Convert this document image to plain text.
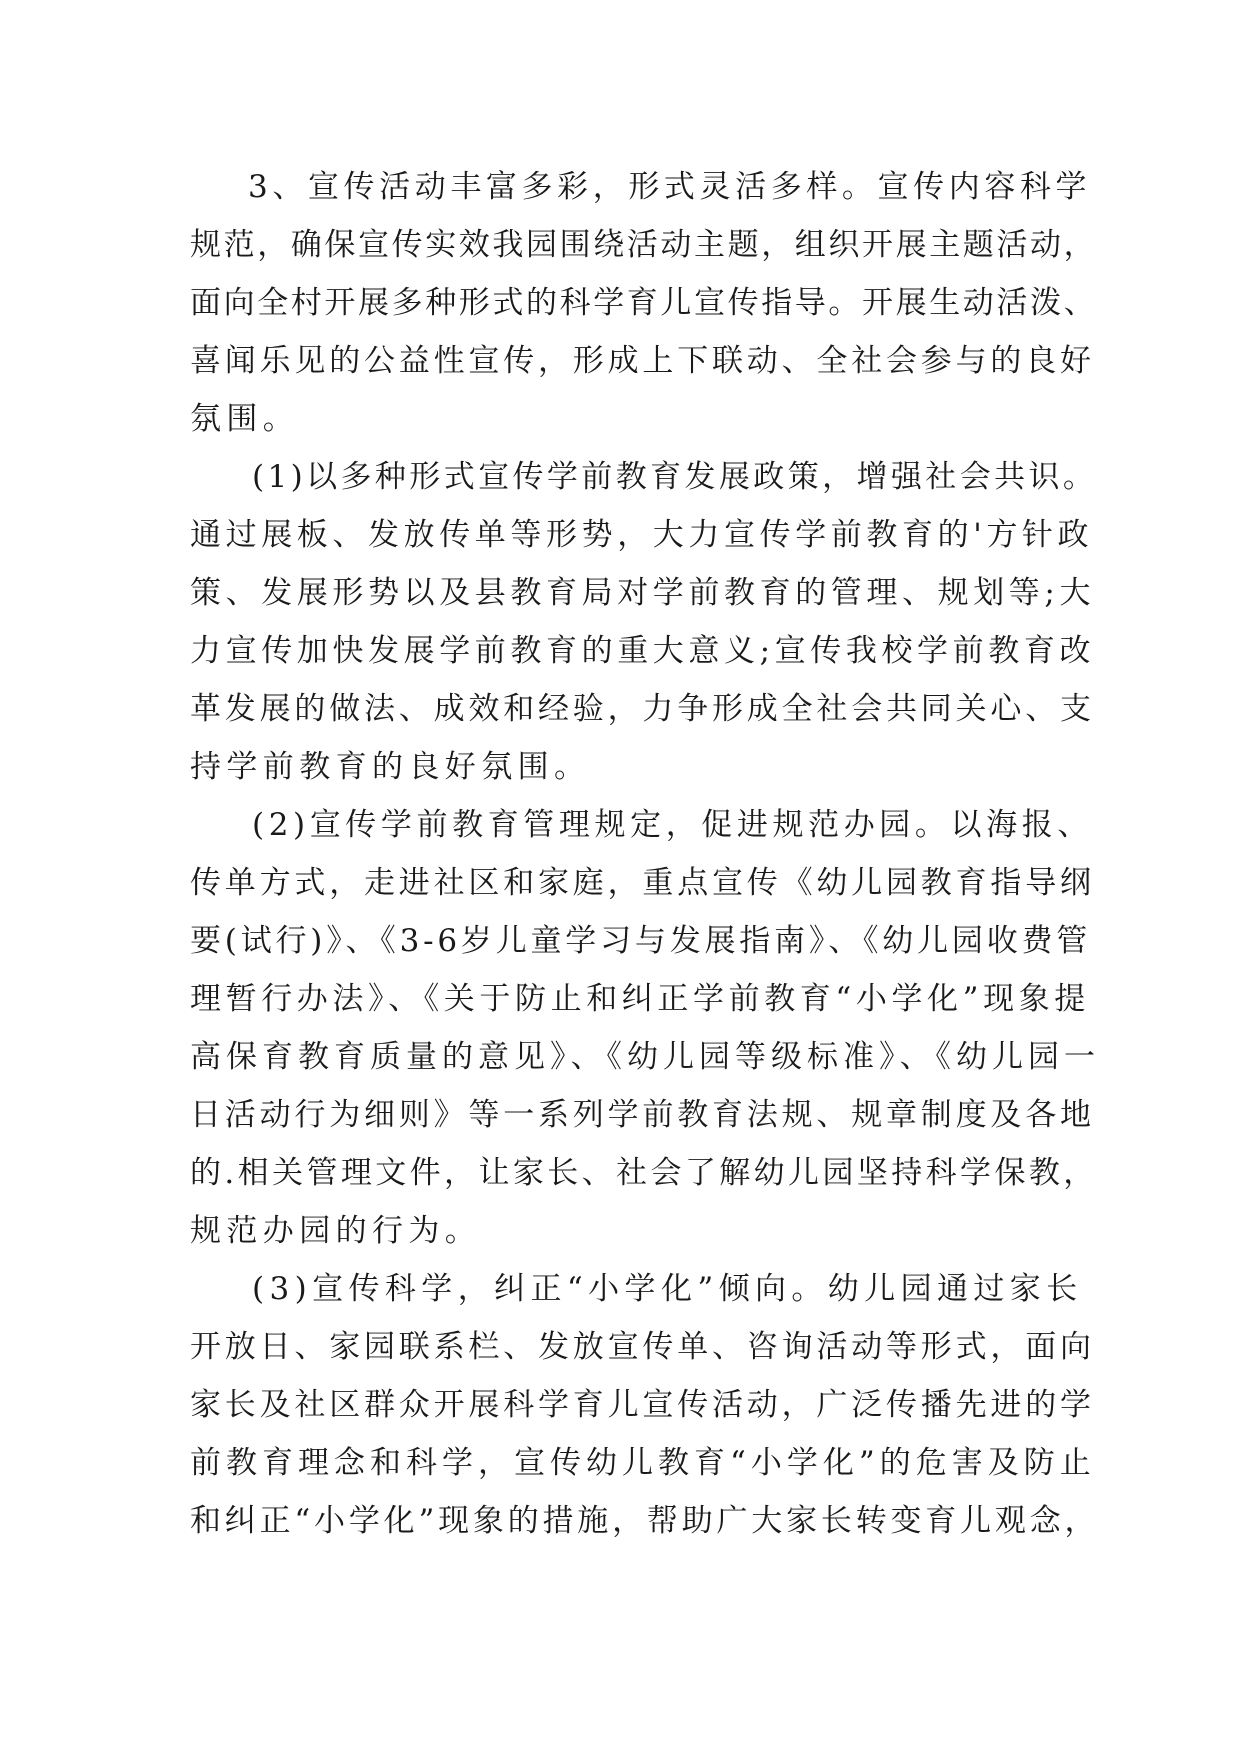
3、宣传活动丰富多彩，形式灵活多样。宣传内容科学
规范，确保宣传实效我园围绕活动主题，组织开展主题活动，
面向全村开展多种形式的科学育儿宣传指导。开展生动活泼、
喜闻乐见的公益性宣传，形成上下联动、全社会参与的良好
氛围。
(1)以多种形式宣传学前教育发展政策，增强社会共识。
通过展板、发放传单等形势，大力宣传学前教育的'方针政
策、发展形势以及县教育局对学前教育的管理、规划等;大
力宣传加快发展学前教育的重大意义;宣传我校学前教育改
革发展的做法、成效和经验，力争形成全社会共同关心、支
持学前教育的良好氛围。
(2)宣传学前教育管理规定，促进规范办园。以海报、
传单方式，走进社区和家庭，重点宣传《幼儿园教育指导纲
要(试行)》、《3-6岁儿童学习与发展指南》、《幼儿园收费管
理暂行办法》、《关于防止和纠正学前教育“小学化”现象提
高保育教育质量的意见》、《幼儿园等级标准》、《幼儿园一
日活动行为细则》等一系列学前教育法规、规章制度及各地
的.相关管理文件，让家长、社会了解幼儿园坚持科学保教，
规范办园的行为。
(3)宣传科学，纠正“小学化”倾向。幼儿园通过家长
开放日、家园联系栏、发放宣传单、咨询活动等形式，面向
家长及社区群众开展科学育儿宣传活动，广泛传播先进的学
前教育理念和科学，宣传幼儿教育“小学化”的危害及防止
和纠正“小学化”现象的措施，帮助广大家长转变育儿观念，
